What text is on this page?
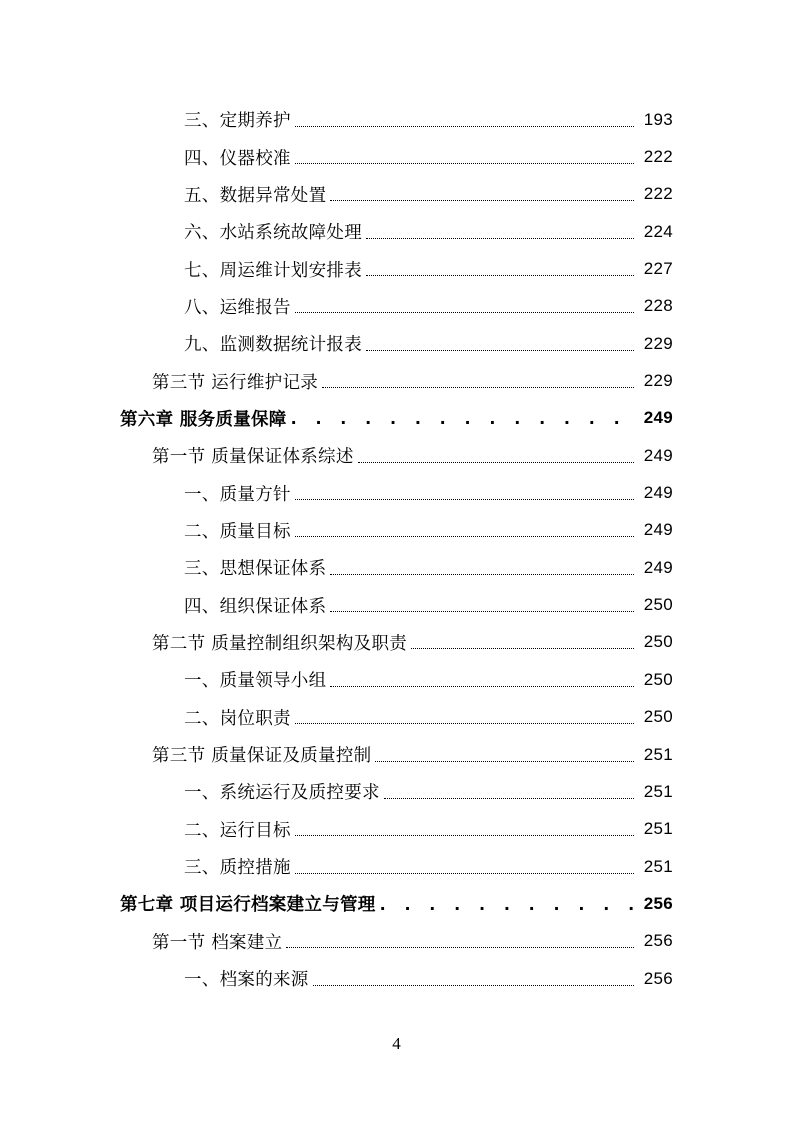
三、定期养护	193
四、仪器校准	222
五、数据异常处置	222
六、水站系统故障处理	224
七、周运维计划安排表	227
八、运维报告	228
九、监测数据统计报表	229
第三节 运行维护记录	229
第六章 服务质量保障 . . .	249
第一节 质量保证体系综述	249
一、质量方针	249
二、质量目标	249
三、思想保证体系	249
四、组织保证体系	250
第二节 质量控制组织架构及职责	250
一、质量领导小组	250
二、岗位职责	250
第三节 质量保证及质量控制	251
一、系统运行及质控要求	251
二、运行目标	251
三、质控措施	251
第七章 项目运行档案建立与管理 . . .	256
第一节 档案建立	256
一、档案的来源	256
4
